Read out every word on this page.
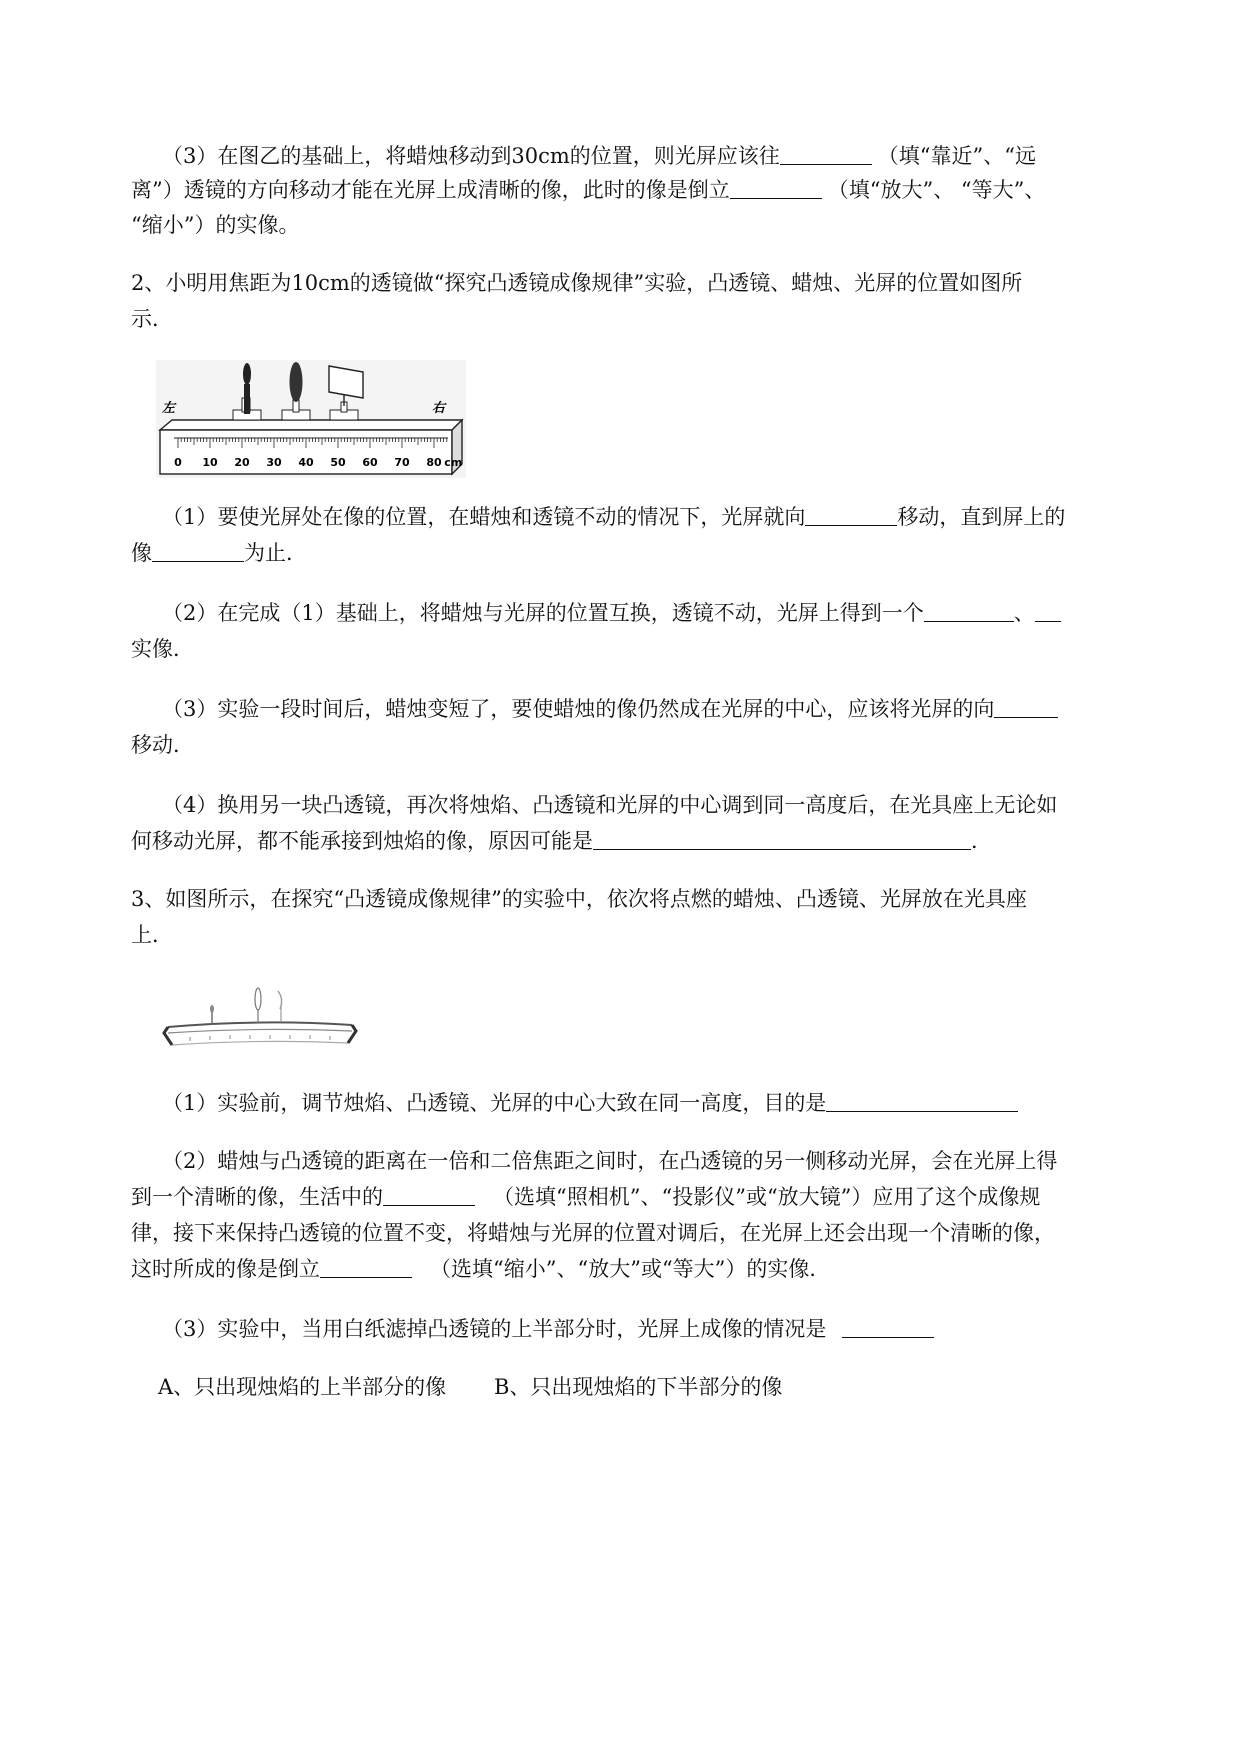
（3）在图乙的基础上，将蜡烛移动到30cm的位置，则光屏应该往	（填“靠近”、“远
离”）透镜的方向移动才能在光屏上成清晰的像，此时的像是倒立	（填“放大”、 “等大”、
“缩小”）的实像。
2、小明用焦距为10cm的透镜做“探究凸透镜成像规律”实验，凸透镜、蜡烛、光屏的位置如图所
示．
左	右
0 10 20 30 40 50 60 70 80 cm
（1）要使光屏处在像的位置，在蜡烛和透镜不动的情况下，光屏就向	移动，直到屏上的
像	为止．
（2）在完成（1）基础上，将蜡烛与光屏的位置互换，透镜不动，光屏上得到一个	、
实像．
（3）实验一段时间后，蜡烛变短了，要使蜡烛的像仍然成在光屏的中心，应该将光屏的向
移动．
（4）换用另一块凸透镜，再次将烛焰、凸透镜和光屏的中心调到同一高度后，在光具座上无论如
何移动光屏，都不能承接到烛焰的像，原因可能是	．
3、如图所示，在探究“凸透镜成像规律”的实验中，依次将点燃的蜡烛、凸透镜、光屏放在光具座
上．
（1）实验前，调节烛焰、凸透镜、光屏的中心大致在同一高度，目的是
（2）蜡烛与凸透镜的距离在一倍和二倍焦距之间时，在凸透镜的另一侧移动光屏，会在光屏上得
到一个清晰的像，生活中的	（选填“照相机”、“投影仪”或“放大镜”）应用了这个成像规
律，接下来保持凸透镜的位置不变，将蜡烛与光屏的位置对调后，在光屏上还会出现一个清晰的像，
这时所成的像是倒立	（选填“缩小”、“放大”或“等大”）的实像．
（3）实验中，当用白纸滤掉凸透镜的上半部分时，光屏上成像的情况是
A、只出现烛焰的上半部分的像 B、只出现烛焰的下半部分的像
